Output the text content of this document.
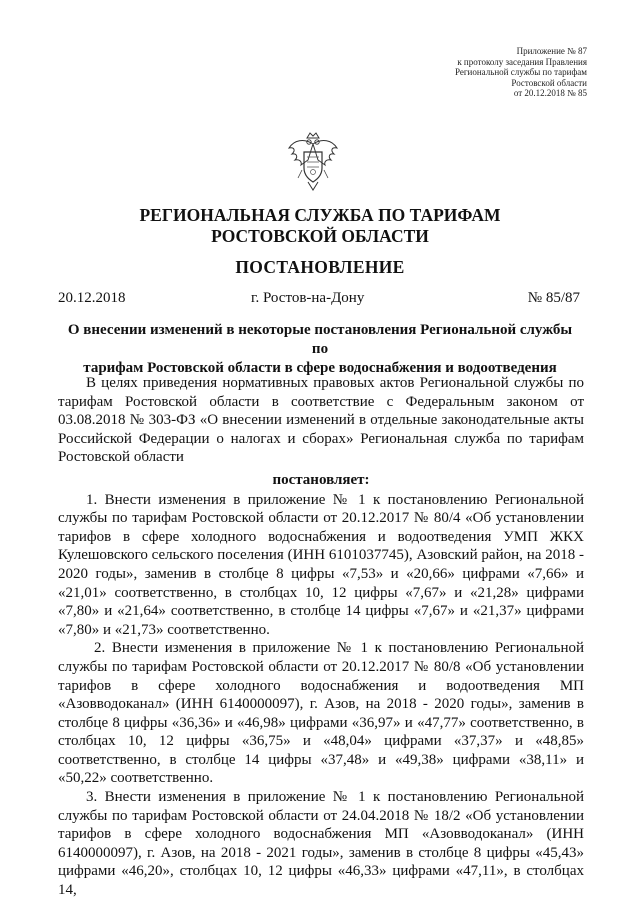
Приложение № 87
к протоколу заседания Правления
Региональной службы по тарифам
Ростовской области
от 20.12.2018 № 85
РЕГИОНАЛЬНАЯ СЛУЖБА ПО ТАРИФАМ
РОСТОВСКОЙ ОБЛАСТИ
ПОСТАНОВЛЕНИЕ
20.12.2018	г. Ростов-на-Дону	№ 85/87
О внесении изменений в некоторые постановления Региональной службы по
тарифам Ростовской области в сфере водоснабжения и водоотведения

В целях приведения нормативных правовых актов Региональной службы по тарифам Ростовской области в соответствие с Федеральным законом от 03.08.2018 № 303-ФЗ «О внесении изменений в отдельные законодательные акты Российской Федерации о налогах и сборах» Региональная служба по тарифам Ростовской области

постановляет:

1. Внести изменения в приложение № 1 к постановлению Региональной службы по тарифам Ростовской области от 20.12.2017 № 80/4 «Об установлении тарифов в сфере холодного водоснабжения и водоотведения УМП ЖКХ Кулешовского сельского поселения (ИНН 6101037745), Азовский район, на 2018 - 2020 годы», заменив в столбце 8 цифры «7,53» и «20,66» цифрами «7,66» и «21,01» соответственно, в столбцах 10, 12 цифры «7,67» и «21,28» цифрами «7,80» и «21,64» соответственно, в столбце 14 цифры «7,67» и «21,37» цифрами «7,80» и «21,73» соответственно.

2. Внести изменения в приложение № 1 к постановлению Региональной службы по тарифам Ростовской области от 20.12.2017 № 80/8 «Об установлении тарифов в сфере холодного водоснабжения и водоотведения МП «Азовводоканал» (ИНН 6140000097), г. Азов, на 2018 - 2020 годы», заменив в столбце 8 цифры «36,36» и «46,98» цифрами «36,97» и «47,77» соответственно, в столбцах 10, 12 цифры «36,75» и «48,04» цифрами «37,37» и «48,85» соответственно, в столбце 14 цифры «37,48» и «49,38» цифрами «38,11» и «50,22» соответственно.

3. Внести изменения в приложение № 1 к постановлению Региональной службы по тарифам Ростовской области от 24.04.2018 № 18/2 «Об установлении тарифов в сфере холодного водоснабжения МП «Азовводоканал» (ИНН 6140000097), г. Азов, на 2018 - 2021 годы», заменив в столбце 8 цифры «45,43» цифрами «46,20», столбцах 10, 12 цифры «46,33» цифрами «47,11», в столбцах 14,
